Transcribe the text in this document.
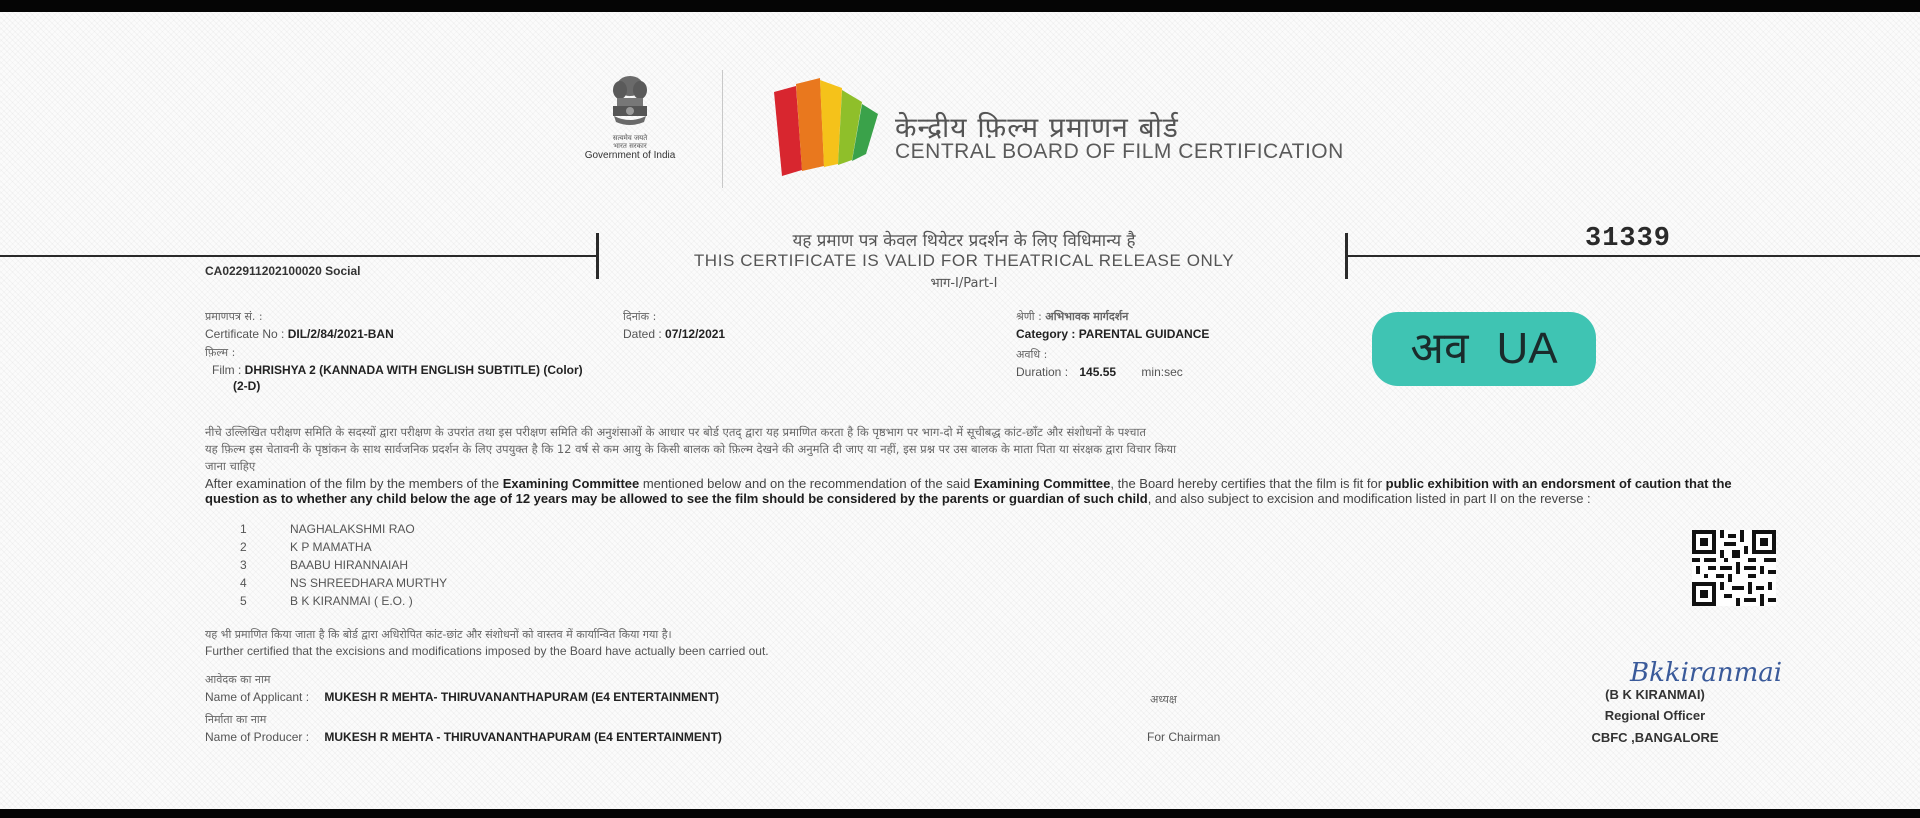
सत्यमेव जयते
भारत सरकार
Government of India
केन्द्रीय फ़िल्म प्रमाणन बोर्ड
CENTRAL BOARD OF FILM CERTIFICATION
यह प्रमाण पत्र केवल थियेटर प्रदर्शन के लिए विधिमान्य है
THIS CERTIFICATE IS VALID FOR THEATRICAL RELEASE ONLY
भाग-I/Part-I
31339
CA022911202100020 Social
प्रमाणपत्र सं. :
Certificate No : DIL/2/84/2021-BAN
दिनांक :
Dated : 07/12/2021
फ़िल्म :
Film : DHRISHYA 2 (KANNADA WITH ENGLISH SUBTITLE) (Color)
(2-D)
श्रेणी : अभिभावक मार्गदर्शन
Category : PARENTAL GUIDANCE
अवधि :
Duration : 145.55 min:sec	अव UA
नीचे उल्लिखित परीक्षण समिति के सदस्यों द्वारा परीक्षण के उपरांत तथा इस परीक्षण समिति की अनुशंसाओं के आधार पर बोर्ड एतद् द्वारा यह प्रमाणित करता है कि पृष्ठभाग पर भाग-दो में सूचीबद्ध कांट-छाँट और संशोधनों के पश्चात
यह फ़िल्म इस चेतावनी के पृष्ठांकन के साथ सार्वजनिक प्रदर्शन के लिए उपयुक्त है कि 12 वर्ष से कम आयु के किसी बालक को फ़िल्म देखने की अनुमति दी जाए या नहीं, इस प्रश्न पर उस बालक के माता पिता या संरक्षक द्वारा विचार किया
जाना चाहिए
After examination of the film by the members of the Examining Committee mentioned below and on the recommendation of the said Examining Committee, the Board hereby certifies that the film is fit for public exhibition with an endorsment of caution that the question as to whether any child below the age of 12 years may be allowed to see the film should be considered by the parents or guardian of such child, and also subject to excision and modification listed in part II on the reverse :
1	NAGHALAKSHMI RAO
2	K P MAMATHA
3	BAABU HIRANNAIAH
4	NS SHREEDHARA MURTHY
5	B K KIRANMAI ( E.O. )
यह भी प्रमाणित किया जाता है कि बोर्ड द्वारा अधिरोपित कांट-छांट और संशोधनों को वास्तव में कार्यान्वित किया गया है।
Further certified that the excisions and modifications imposed by the Board have actually been carried out.
आवेदक का नाम
Name of Applicant : MUKESH R MEHTA- THIRUVANANTHAPURAM (E4 ENTERTAINMENT)
निर्माता का नाम
Name of Producer : MUKESH R MEHTA - THIRUVANANTHAPURAM (E4 ENTERTAINMENT)
अध्यक्ष
For Chairman
Bkkiranmai
(B K KIRANMAI)
Regional Officer
CBFC ,BANGALORE
